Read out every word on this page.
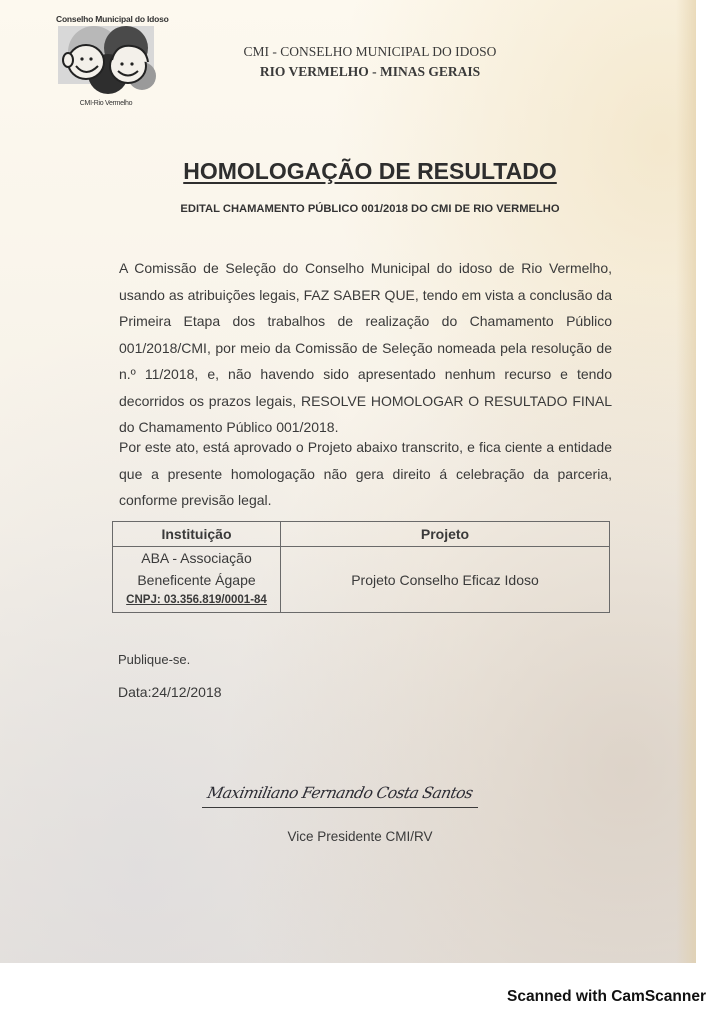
Conselho Municipal do Idoso
CMI-Rio Vermelho
CMI - CONSELHO MUNICIPAL DO IDOSO
RIO VERMELHO - MINAS GERAIS
HOMOLOGAÇÃO DE RESULTADO
EDITAL CHAMAMENTO PÚBLICO 001/2018 DO CMI DE RIO VERMELHO
A Comissão de Seleção do Conselho Municipal do idoso de Rio Vermelho, usando as atribuições legais, FAZ SABER QUE, tendo em vista a conclusão da Primeira Etapa dos trabalhos de realização do Chamamento Público 001/2018/CMI, por meio da Comissão de Seleção nomeada pela resolução de n.º 11/2018, e, não havendo sido apresentado nenhum recurso e tendo decorridos os prazos legais, RESOLVE HOMOLOGAR O RESULTADO FINAL do Chamamento Público 001/2018.
Por este ato, está aprovado o Projeto abaixo transcrito, e fica ciente a entidade que a presente homologação não gera direito á celebração da parceria, conforme previsão legal.
Instituição	Projeto

ABA - Associação
Beneficente Ágape
CNPJ: 03.356.819/0001-84	Projeto Conselho Eficaz Idoso
Publique-se.
Data:24/12/2018
Maximiliano Fernando Costa Santos
Vice Presidente CMI/RV
Scanned with CamScanner
